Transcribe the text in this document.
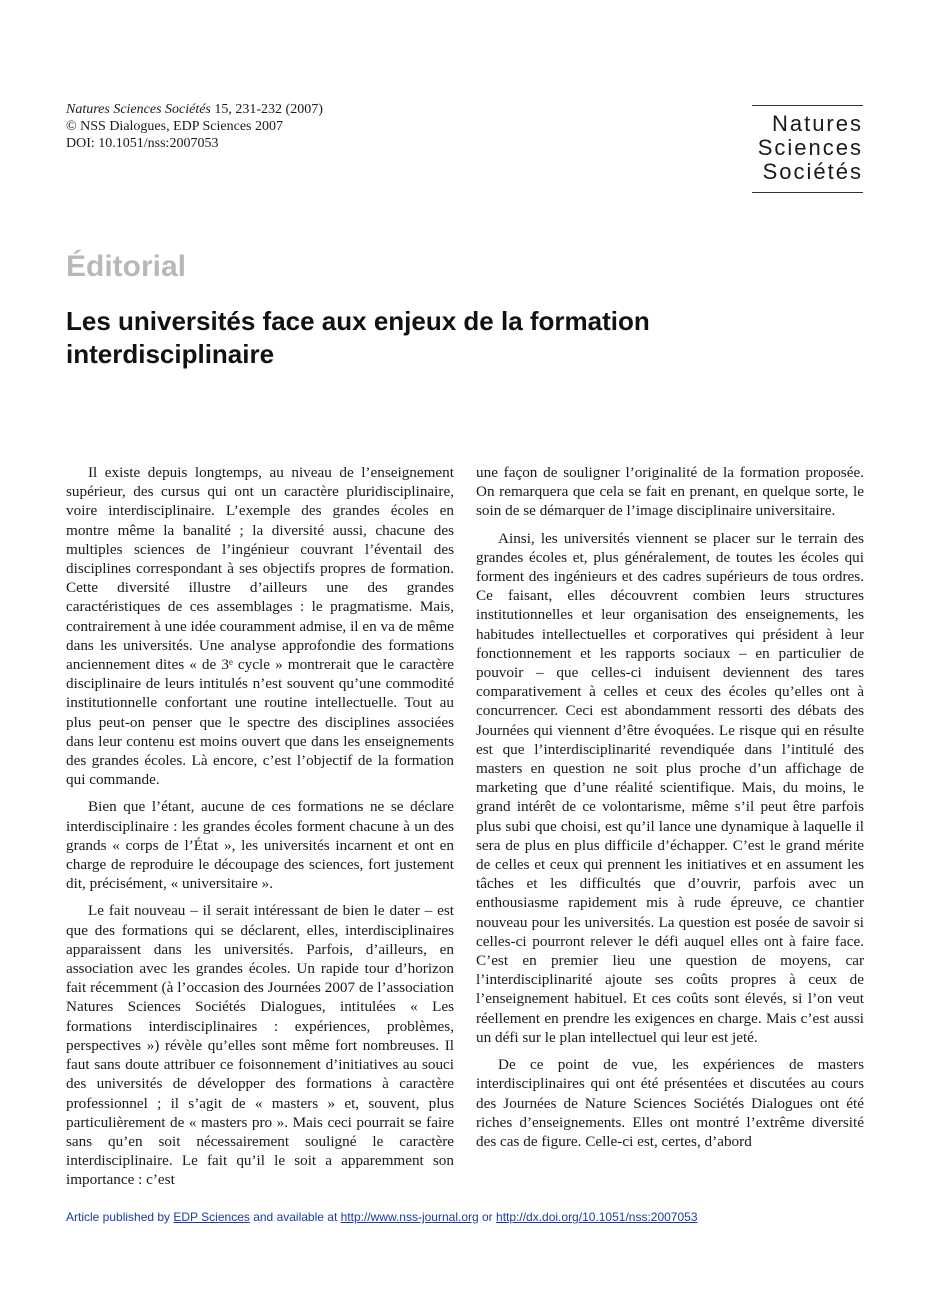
Natures Sciences Sociétés 15, 231-232 (2007)
© NSS Dialogues, EDP Sciences 2007
DOI: 10.1051/nss:2007053
Natures
Sciences
Sociétés
Éditorial
Les universités face aux enjeux de la formation interdisciplinaire

Il existe depuis longtemps, au niveau de l’enseignement supérieur, des cursus qui ont un caractère pluridisciplinaire, voire interdisciplinaire. L’exemple des grandes écoles en montre même la banalité ; la diversité aussi, chacune des multiples sciences de l’ingénieur couvrant l’éventail des disciplines correspondant à ses objectifs propres de formation. Cette diversité illustre d’ailleurs une des grandes caractéristiques de ces assemblages : le pragmatisme. Mais, contrairement à une idée couramment admise, il en va de même dans les universités. Une analyse approfondie des formations anciennement dites « de 3ᵉ cycle » montrerait que le caractère disciplinaire de leurs intitulés n’est souvent qu’une commodité institutionnelle confortant une routine intellectuelle. Tout au plus peut-on penser que le spectre des disciplines associées dans leur contenu est moins ouvert que dans les enseignements des grandes écoles. Là encore, c’est l’objectif de la formation qui commande.

Bien que l’étant, aucune de ces formations ne se déclare interdisciplinaire : les grandes écoles forment chacune à un des grands « corps de l’État », les universités incarnent et ont en charge de reproduire le découpage des sciences, fort justement dit, précisément, « universitaire ».

Le fait nouveau – il serait intéressant de bien le dater – est que des formations qui se déclarent, elles, interdisciplinaires apparaissent dans les universités. Parfois, d’ailleurs, en association avec les grandes écoles. Un rapide tour d’horizon fait récemment (à l’occasion des Journées 2007 de l’association Natures Sciences Sociétés Dialogues, intitulées « Les formations interdisciplinaires : expériences, problèmes, perspectives ») révèle qu’elles sont même fort nombreuses. Il faut sans doute attribuer ce foisonnement d’initiatives au souci des universités de développer des formations à caractère professionnel ; il s’agit de « masters » et, souvent, plus particulièrement de « masters pro ». Mais ceci pourrait se faire sans qu’en soit nécessairement souligné le caractère interdisciplinaire. Le fait qu’il le soit a apparemment son importance : c’est

une façon de souligner l’originalité de la formation proposée. On remarquera que cela se fait en prenant, en quelque sorte, le soin de se démarquer de l’image disciplinaire universitaire.

Ainsi, les universités viennent se placer sur le terrain des grandes écoles et, plus généralement, de toutes les écoles qui forment des ingénieurs et des cadres supérieurs de tous ordres. Ce faisant, elles découvrent combien leurs structures institutionnelles et leur organisation des enseignements, les habitudes intellectuelles et corporatives qui président à leur fonctionnement et les rapports sociaux – en particulier de pouvoir – que celles-ci induisent deviennent des tares comparativement à celles et ceux des écoles qu’elles ont à concurrencer. Ceci est abondamment ressorti des débats des Journées qui viennent d’être évoquées. Le risque qui en résulte est que l’interdisciplinarité revendiquée dans l’intitulé des masters en question ne soit plus proche d’un affichage de marketing que d’une réalité scientifique. Mais, du moins, le grand intérêt de ce volontarisme, même s’il peut être parfois plus subi que choisi, est qu’il lance une dynamique à laquelle il sera de plus en plus difficile d’échapper. C’est le grand mérite de celles et ceux qui prennent les initiatives et en assument les tâches et les difficultés que d’ouvrir, parfois avec un enthousiasme rapidement mis à rude épreuve, ce chantier nouveau pour les universités. La question est posée de savoir si celles-ci pourront relever le défi auquel elles ont à faire face. C’est en premier lieu une question de moyens, car l’interdisciplinarité ajoute ses coûts propres à ceux de l’enseignement habituel. Et ces coûts sont élevés, si l’on veut réellement en prendre les exigences en charge. Mais c’est aussi un défi sur le plan intellectuel qui leur est jeté.

De ce point de vue, les expériences de masters interdisciplinaires qui ont été présentées et discutées au cours des Journées de Nature Sciences Sociétés Dialogues ont été riches d’enseignements. Elles ont montré l’extrême diversité des cas de figure. Celle-ci est, certes, d’abord

Article published by EDP Sciences and available at http://www.nss-journal.org or http://dx.doi.org/10.1051/nss:2007053
